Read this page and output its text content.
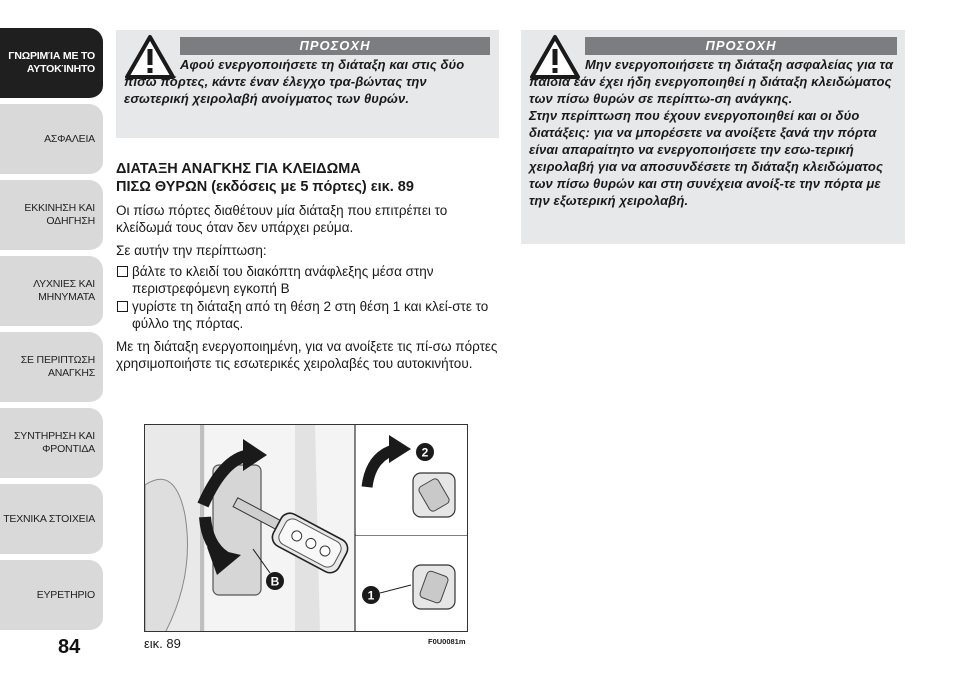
ΓΝΩΡΙΜΊΑ ΜΕ ΤΟ
ΑΥΤΟΚΊΝΗΤΟ
ΑΣΦΑΛΕΙΑ
ΕΚΚΙΝΗΣΗ ΚΑΙ
ΟΔΗΓΗΣΗ
ΛΥΧΝΙΕΣ ΚΑΙ
ΜΗΝΥΜΑΤΑ
ΣΕ ΠΕΡΙΠΤΩΣΗ
ΑΝΑΓΚΗΣ
ΣΥΝΤΗΡΗΣΗ ΚΑΙ
ΦΡΟΝΤΙΔΑ
ΤΕΧΝΙΚΑ ΣΤΟΙΧΕΙΑ
ΕΥΡΕΤΗΡΙΟ
84
ΠΡΟΣΟΧΗ

Αφού ενεργοποιήσετε τη διάταξη και στις δύο πίσω πόρτες, κάντε έναν έλεγχο τρα-βώντας την εσωτερική χειρολαβή ανοίγματος των θυρών.

ΠΡΟΣΟΧΗ

Μην ενεργοποιήσετε τη διάταξη ασφαλείας για τα παιδιά εάν έχει ήδη ενεργοποιηθεί η διάταξη κλειδώματος των πίσω θυρών σε περίπτω-ση ανάγκης.

Στην περίπτωση που έχουν ενεργοποιηθεί και οι δύο διατάξεις: για να μπορέσετε να ανοίξετε ξανά την πόρτα είναι απαραίτητο να ενεργοποιήσετε την εσω-τερική χειρολαβή για να αποσυνδέσετε τη διάταξη κλειδώματος των πίσω θυρών και στη συνέχεια ανοίξ-τε την πόρτα με την εξωτερική χειρολαβή.

ΔΙΑΤΑΞΗ ΑΝΑΓΚΗΣ ΓΙΑ ΚΛΕΙΔΩΜΑ
ΠΙΣΩ ΘΥΡΩΝ (εκδόσεις με 5 πόρτες) εικ. 89

Οι πίσω πόρτες διαθέτουν μία διάταξη που επιτρέπει το κλείδωμά τους όταν δεν υπάρχει ρεύμα.

Σε αυτήν την περίπτωση:

βάλτε το κλειδί του διακόπτη ανάφλεξης μέσα στην περιστρεφόμενη εγκοπή B
γυρίστε τη διάταξη από τη θέση 2 στη θέση 1 και κλεί-στε το φύλλο της πόρτας.

Με τη διάταξη ενεργοποιημένη, για να ανοίξετε τις πί-σω πόρτες χρησιμοποιήστε τις εσωτερικές χειρολαβές του αυτοκινήτου.

B
2
1
εικ. 89	F0U0081m
